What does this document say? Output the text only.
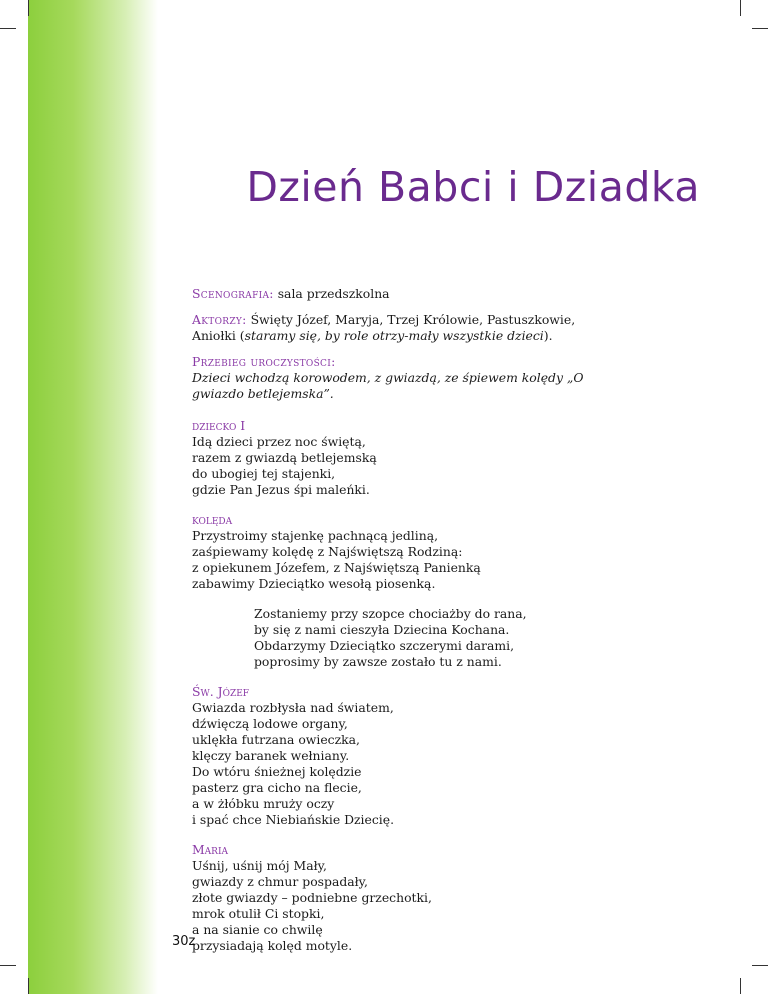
Dzień Babci i Dziadka

Scenografia: sala przedszkolna

Aktorzy: Święty Józef, Maryja, Trzej Królowie, Pastuszkowie, Aniołki (staramy się, by role otrzy-mały wszystkie dzieci).

Przebieg uroczystości:

Dzieci wchodzą korowodem, z gwiazdą, ze śpiewem kolędy „O gwiazdo betlejemska”.

dziecko I
Idą dzieci przez noc świętą,
razem z gwiazdą betlejemską
do ubogiej tej stajenki,
gdzie Pan Jezus śpi maleńki.
kolęda
Przystroimy stajenkę pachnącą jedliną,
zaśpiewamy kolędę z Najświętszą Rodziną:
z opiekunem Józefem, z Najświętszą Panienką
zabawimy Dzieciątko wesołą piosenką.
Zostaniemy przy szopce chociażby do rana,
by się z nami cieszyła Dziecina Kochana.
Obdarzymy Dzieciątko szczerymi darami,
poprosimy by zawsze zostało tu z nami.
Św. Józef
Gwiazda rozbłysła nad światem,
dźwięczą lodowe organy,
uklękła futrzana owieczka,
klęczy baranek wełniany.
Do wtóru śnieżnej kolędzie
pasterz gra cicho na flecie,
a w żłóbku mruży oczy
i spać chce Niebiańskie Dziecię.
Maria
Uśnij, uśnij mój Mały,
gwiazdy z chmur pospadały,
złote gwiazdy – podniebne grzechotki,
mrok otulił Ci stopki,
a na sianie co chwilę
przysiadają kolęd motyle.
30z
